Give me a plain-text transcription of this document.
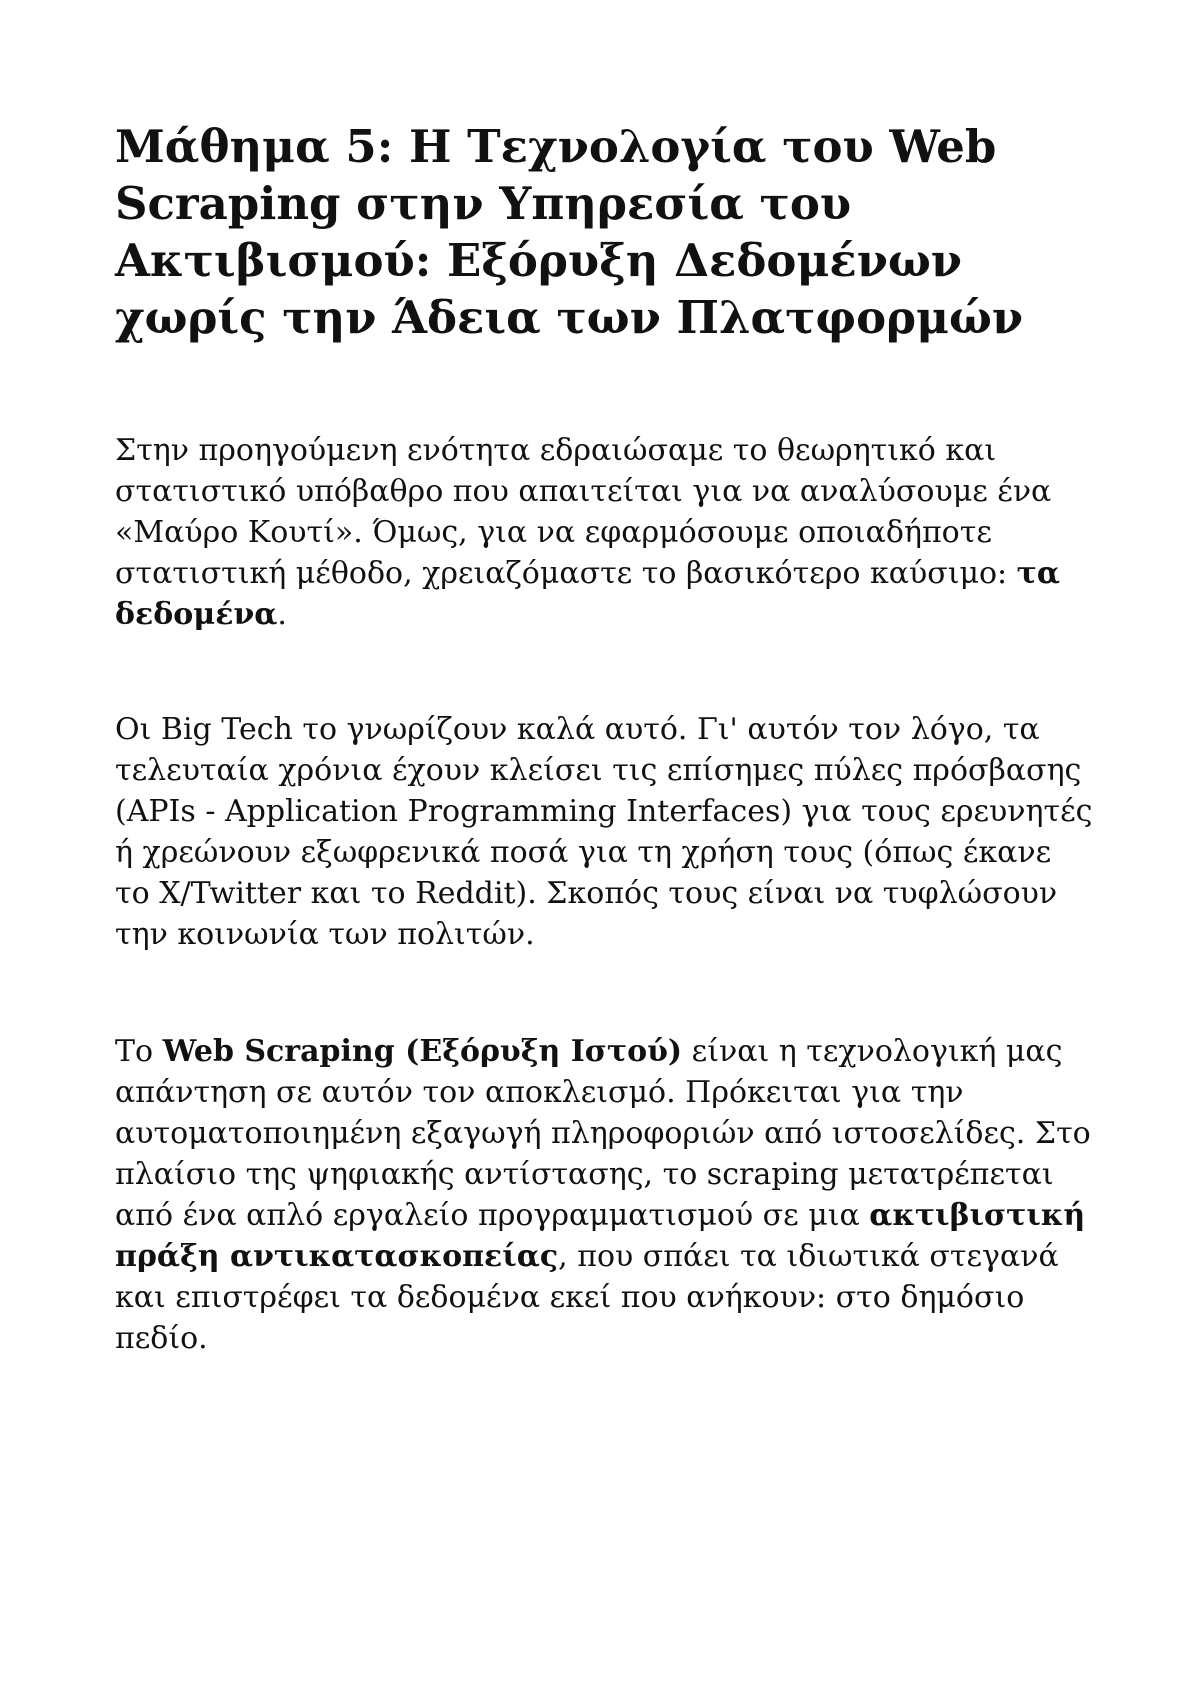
Μάθημα 5: Η Τεχνολογία του Web Scraping στην Υπηρεσία του Ακτιβισμού: Εξόρυξη Δεδομένων χωρίς την Άδεια των Πλατφορμών

Στην προηγούμενη ενότητα εδραιώσαμε το θεωρητικό και στατιστικό υπόβαθρο που απαιτείται για να αναλύσουμε ένα «Μαύρο Κουτί». Όμως, για να εφαρμόσουμε οποιαδήποτε στατιστική μέθοδο, χρειαζόμαστε το βασικότερο καύσιμο: τα δεδομένα.

Οι Big Tech το γνωρίζουν καλά αυτό. Γι' αυτόν τον λόγο, τα τελευταία χρόνια έχουν κλείσει τις επίσημες πύλες πρόσβασης (APIs - Application Programming Interfaces) για τους ερευνητές ή χρεώνουν εξωφρενικά ποσά για τη χρήση τους (όπως έκανε το X/Twitter και το Reddit). Σκοπός τους είναι να τυφλώσουν την κοινωνία των πολιτών.

Το Web Scraping (Εξόρυξη Ιστού) είναι η τεχνολογική μας απάντηση σε αυτόν τον αποκλεισμό. Πρόκειται για την αυτοματοποιημένη εξαγωγή πληροφοριών από ιστοσελίδες. Στο πλαίσιο της ψηφιακής αντίστασης, το scraping μετατρέπεται από ένα απλό εργαλείο προγραμματισμού σε μια ακτιβιστική πράξη αντικατασκοπείας, που σπάει τα ιδιωτικά στεγανά και επιστρέφει τα δεδομένα εκεί που ανήκουν: στο δημόσιο πεδίο.
